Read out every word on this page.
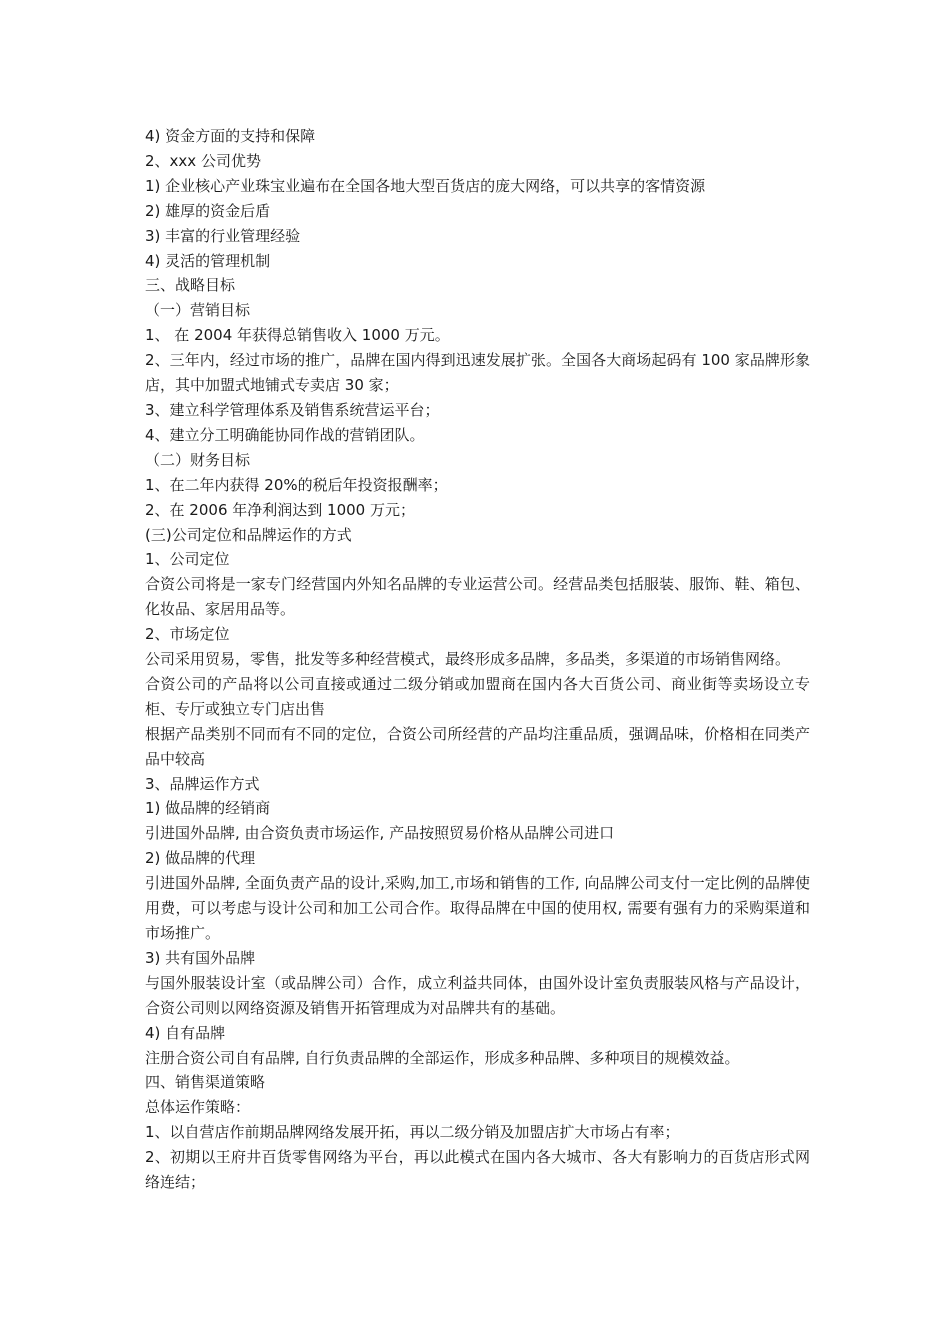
4) 资金方面的支持和保障

2、xxx 公司优势

1) 企业核心产业珠宝业遍布在全国各地大型百货店的庞大网络，可以共享的客情资源

2) 雄厚的资金后盾

3) 丰富的行业管理经验

4) 灵活的管理机制

三、战略目标

（一）营销目标

1、 在 2004 年获得总销售收入 1000 万元。

2、三年内，经过市场的推广，品牌在国内得到迅速发展扩张。全国各大商场起码有 100 家品牌形象店，其中加盟式地铺式专卖店 30 家；

3、建立科学管理体系及销售系统营运平台；

4、建立分工明确能协同作战的营销团队。

（二）财务目标

1、在二年内获得 20%的税后年投资报酬率；

2、在 2006 年净利润达到 1000 万元；

(三)公司定位和品牌运作的方式

1、公司定位

合资公司将是一家专门经营国内外知名品牌的专业运营公司。经营品类包括服装、服饰、鞋、箱包、化妆品、家居用品等。

2、市场定位

公司采用贸易，零售，批发等多种经营模式，最终形成多品牌，多品类，多渠道的市场销售网络。

合资公司的产品将以公司直接或通过二级分销或加盟商在国内各大百货公司、商业街等卖场设立专柜、专厅或独立专门店出售

根据产品类别不同而有不同的定位，合资公司所经营的产品均注重品质，强调品味，价格相在同类产品中较高

3、品牌运作方式

1) 做品牌的经销商

引进国外品牌, 由合资负责市场运作, 产品按照贸易价格从品牌公司进口

2) 做品牌的代理

引进国外品牌, 全面负责产品的设计,采购,加工,市场和销售的工作, 向品牌公司支付一定比例的品牌使用费，可以考虑与设计公司和加工公司合作。取得品牌在中国的使用权, 需要有强有力的采购渠道和市场推广。

3) 共有国外品牌

与国外服装设计室（或品牌公司）合作，成立利益共同体，由国外设计室负责服装风格与产品设计，合资公司则以网络资源及销售开拓管理成为对品牌共有的基础。

4) 自有品牌

注册合资公司自有品牌, 自行负责品牌的全部运作，形成多种品牌、多种项目的规模效益。

四、销售渠道策略

总体运作策略：

1、以自营店作前期品牌网络发展开拓，再以二级分销及加盟店扩大市场占有率；

2、初期以王府井百货零售网络为平台，再以此模式在国内各大城市、各大有影响力的百货店形式网络连结；
